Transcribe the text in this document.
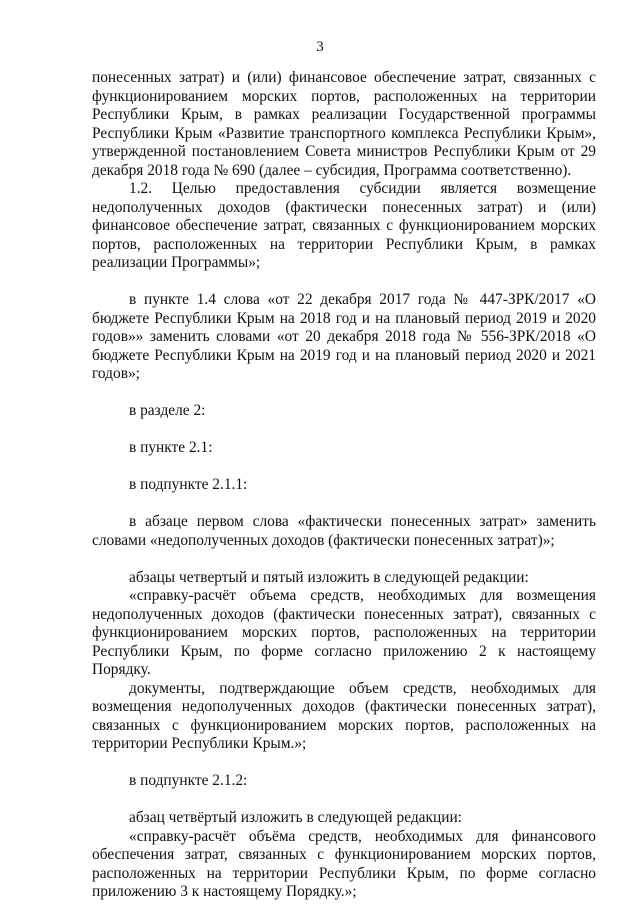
3

понесенных затрат) и (или) финансовое обеспечение затрат, связанных с функционированием морских портов, расположенных на территории Республики Крым, в рамках реализации Государственной программы Республики Крым «Развитие транспортного комплекса Республики Крым», утвержденной постановлением Совета министров Республики Крым от 29 декабря 2018 года № 690 (далее – субсидия, Программа соответственно).

1.2. Целью предоставления субсидии является возмещение недополученных доходов (фактически понесенных затрат) и (или) финансовое обеспечение затрат, связанных с функционированием морских портов, расположенных на территории Республики Крым, в рамках реализации Программы»;

в пункте 1.4 слова «от 22 декабря 2017 года № 447-ЗРК/2017 «О бюджете Республики Крым на 2018 год и на плановый период 2019 и 2020 годов»» заменить словами «от 20 декабря 2018 года № 556-ЗРК/2018 «О бюджете Республики Крым на 2019 год и на плановый период 2020 и 2021 годов»;

в разделе 2:

в пункте 2.1:

в подпункте 2.1.1:

в абзаце первом слова «фактически понесенных затрат» заменить словами «недополученных доходов (фактически понесенных затрат)»;

абзацы четвертый и пятый изложить в следующей редакции:

«справку-расчёт объема средств, необходимых для возмещения недополученных доходов (фактически понесенных затрат), связанных с функционированием морских портов, расположенных на территории Республики Крым, по форме согласно приложению 2 к настоящему Порядку.

документы, подтверждающие объем средств, необходимых для возмещения недополученных доходов (фактически понесенных затрат), связанных с функционированием морских портов, расположенных на территории Республики Крым.»;

в подпункте 2.1.2:

абзац четвёртый изложить в следующей редакции:

«справку-расчёт объёма средств, необходимых для финансового обеспечения затрат, связанных с функционированием морских портов, расположенных на территории Республики Крым, по форме согласно приложению 3 к настоящему Порядку.»;
